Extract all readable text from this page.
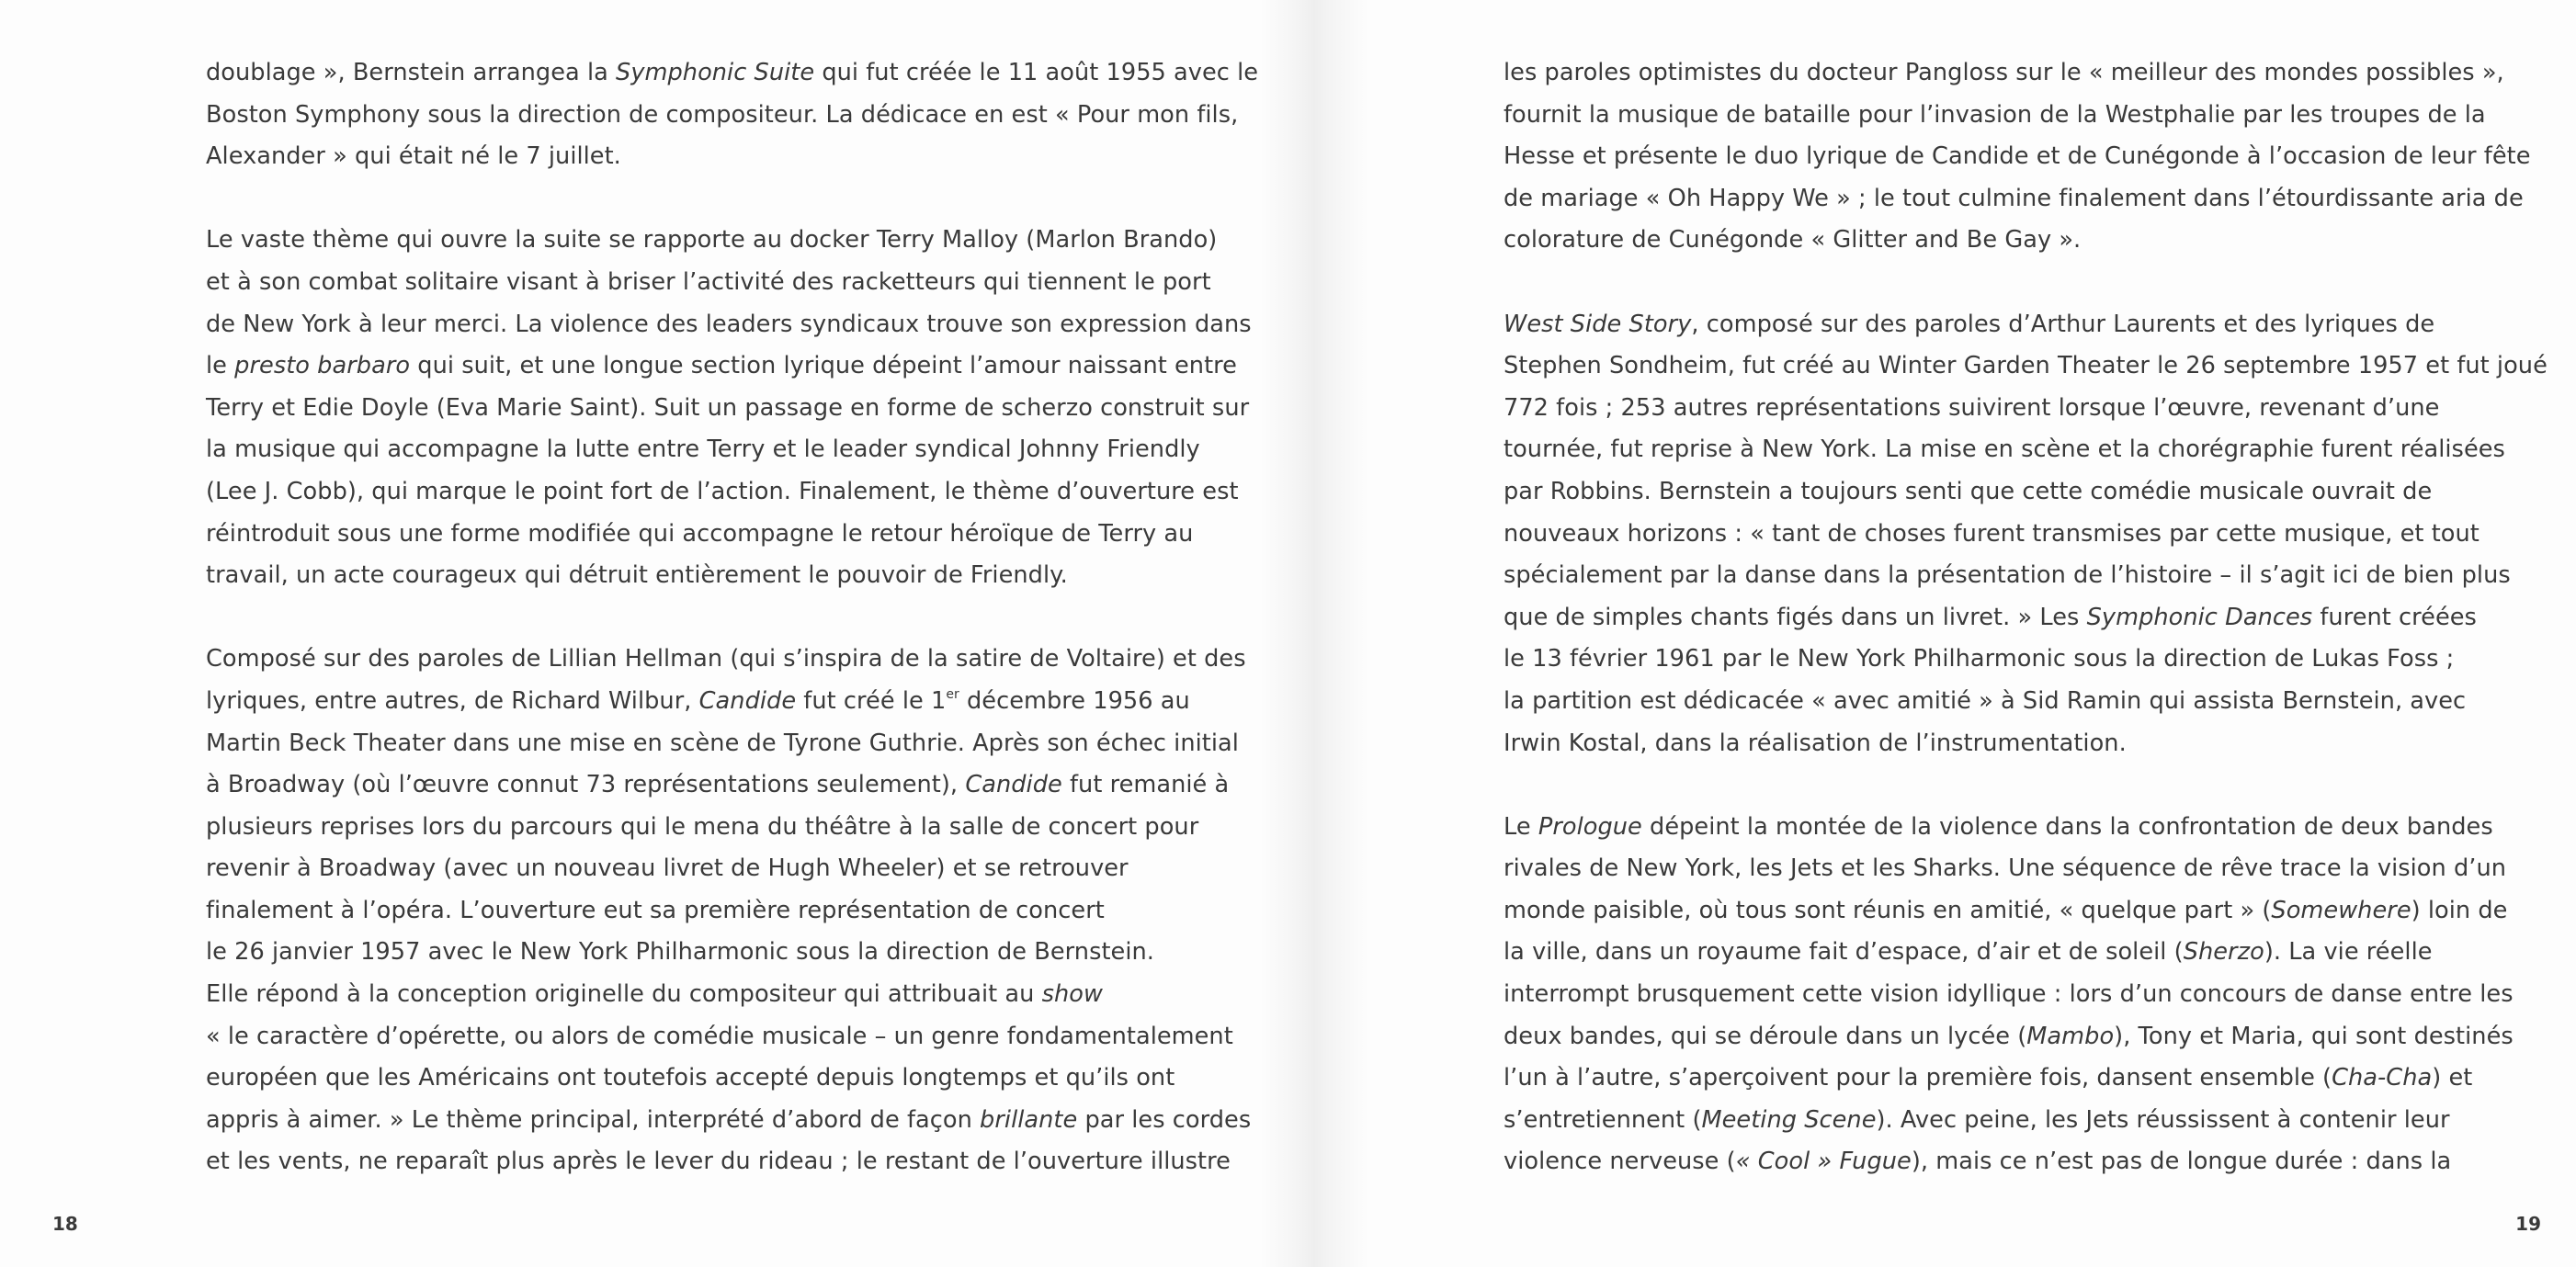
doublage », Bernstein arrangea la Symphonic Suite qui fut créée le 11 août 1955 avec le
Boston Symphony sous la direction de compositeur. La dédicace en est « Pour mon fils,
Alexander » qui était né le 7 juillet.

Le vaste thème qui ouvre la suite se rapporte au docker Terry Malloy (Marlon Brando)
et à son combat solitaire visant à briser l’activité des racketteurs qui tiennent le port
de New York à leur merci. La violence des leaders syndicaux trouve son expression dans
le presto barbaro qui suit, et une longue section lyrique dépeint l’amour naissant entre
Terry et Edie Doyle (Eva Marie Saint). Suit un passage en forme de scherzo construit sur
la musique qui accompagne la lutte entre Terry et le leader syndical Johnny Friendly
(Lee J. Cobb), qui marque le point fort de l’action. Finalement, le thème d’ouverture est
réintroduit sous une forme modifiée qui accompagne le retour héroïque de Terry au
travail, un acte courageux qui détruit entièrement le pouvoir de Friendly.

Composé sur des paroles de Lillian Hellman (qui s’inspira de la satire de Voltaire) et des
lyriques, entre autres, de Richard Wilbur, Candide fut créé le 1er décembre 1956 au
Martin Beck Theater dans une mise en scène de Tyrone Guthrie. Après son échec initial
à Broadway (où l’œuvre connut 73 représentations seulement), Candide fut remanié à
plusieurs reprises lors du parcours qui le mena du théâtre à la salle de concert pour
revenir à Broadway (avec un nouveau livret de Hugh Wheeler) et se retrouver
finalement à l’opéra. L’ouverture eut sa première représentation de concert
le 26 janvier 1957 avec le New York Philharmonic sous la direction de Bernstein.
Elle répond à la conception originelle du compositeur qui attribuait au show
« le caractère d’opérette, ou alors de comédie musicale – un genre fondamentalement
européen que les Américains ont toutefois accepté depuis longtemps et qu’ils ont
appris à aimer. » Le thème principal, interprété d’abord de façon brillante par les cordes
et les vents, ne reparaît plus après le lever du rideau ; le restant de l’ouverture illustre

18

les paroles optimistes du docteur Pangloss sur le « meilleur des mondes possibles »,
fournit la musique de bataille pour l’invasion de la Westphalie par les troupes de la
Hesse et présente le duo lyrique de Candide et de Cunégonde à l’occasion de leur fête
de mariage « Oh Happy We » ; le tout culmine finalement dans l’étourdissante aria de
colorature de Cunégonde « Glitter and Be Gay ».

West Side Story, composé sur des paroles d’Arthur Laurents et des lyriques de
Stephen Sondheim, fut créé au Winter Garden Theater le 26 septembre 1957 et fut joué
772 fois ; 253 autres représentations suivirent lorsque l’œuvre, revenant d’une
tournée, fut reprise à New York. La mise en scène et la chorégraphie furent réalisées
par Robbins. Bernstein a toujours senti que cette comédie musicale ouvrait de
nouveaux horizons : « tant de choses furent transmises par cette musique, et tout
spécialement par la danse dans la présentation de l’histoire – il s’agit ici de bien plus
que de simples chants figés dans un livret. » Les Symphonic Dances furent créées
le 13 février 1961 par le New York Philharmonic sous la direction de Lukas Foss ;
la partition est dédicacée « avec amitié » à Sid Ramin qui assista Bernstein, avec
Irwin Kostal, dans la réalisation de l’instrumentation.

Le Prologue dépeint la montée de la violence dans la confrontation de deux bandes
rivales de New York, les Jets et les Sharks. Une séquence de rêve trace la vision d’un
monde paisible, où tous sont réunis en amitié, « quelque part » (Somewhere) loin de
la ville, dans un royaume fait d’espace, d’air et de soleil (Sherzo). La vie réelle
interrompt brusquement cette vision idyllique : lors d’un concours de danse entre les
deux bandes, qui se déroule dans un lycée (Mambo), Tony et Maria, qui sont destinés
l’un à l’autre, s’aperçoivent pour la première fois, dansent ensemble (Cha-Cha) et
s’entretiennent (Meeting Scene). Avec peine, les Jets réussissent à contenir leur
violence nerveuse (« Cool » Fugue), mais ce n’est pas de longue durée : dans la

19
